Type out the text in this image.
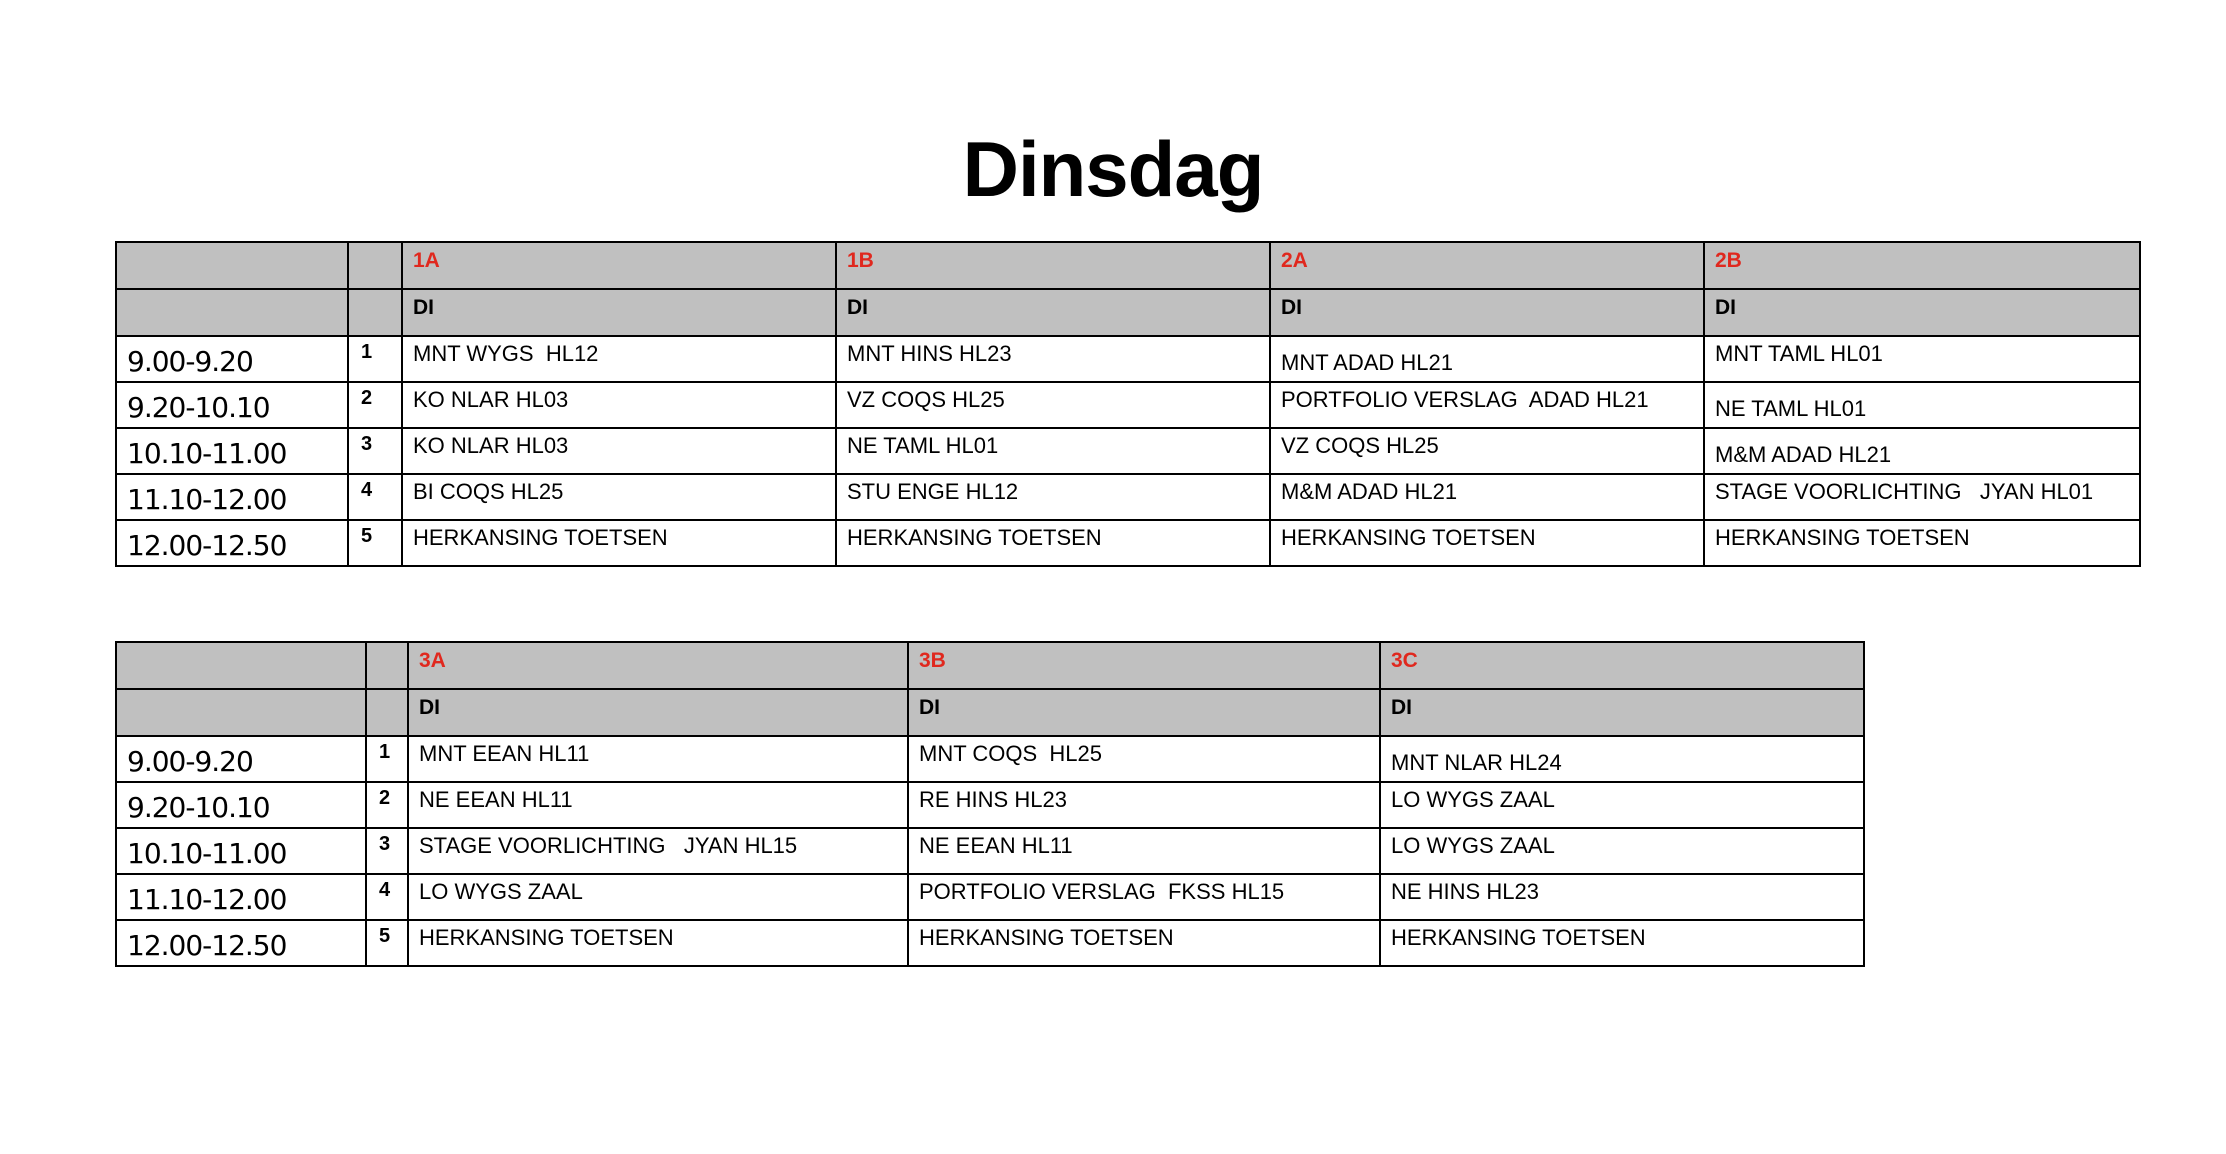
Dinsdag

		1A	1B	2A	2B

		DI	DI	DI	DI

9.00-9.20	1	MNT WYGS  HL12	MNT HINS HL23	MNT ADAD HL21	MNT TAML HL01

9.20-10.10	2	KO NLAR HL03	VZ COQS HL25	PORTFOLIO VERSLAG  ADAD HL21	NE TAML HL01

10.10-11.00	3	KO NLAR HL03	NE TAML HL01	VZ COQS HL25	M&M ADAD HL21

11.10-12.00	4	BI COQS HL25	STU ENGE HL12	M&M ADAD HL21	STAGE VOORLICHTING   JYAN HL01

12.00-12.50	5	HERKANSING TOETSEN	HERKANSING TOETSEN	HERKANSING TOETSEN	HERKANSING TOETSEN

		3A	3B	3C

		DI	DI	DI

9.00-9.20	1	MNT EEAN HL11	MNT COQS  HL25	MNT NLAR HL24

9.20-10.10	2	NE EEAN HL11	RE HINS HL23	LO WYGS ZAAL

10.10-11.00	3	STAGE VOORLICHTING   JYAN HL15	NE EEAN HL11	LO WYGS ZAAL

11.10-12.00	4	LO WYGS ZAAL	PORTFOLIO VERSLAG  FKSS HL15	NE HINS HL23

12.00-12.50	5	HERKANSING TOETSEN	HERKANSING TOETSEN	HERKANSING TOETSEN
